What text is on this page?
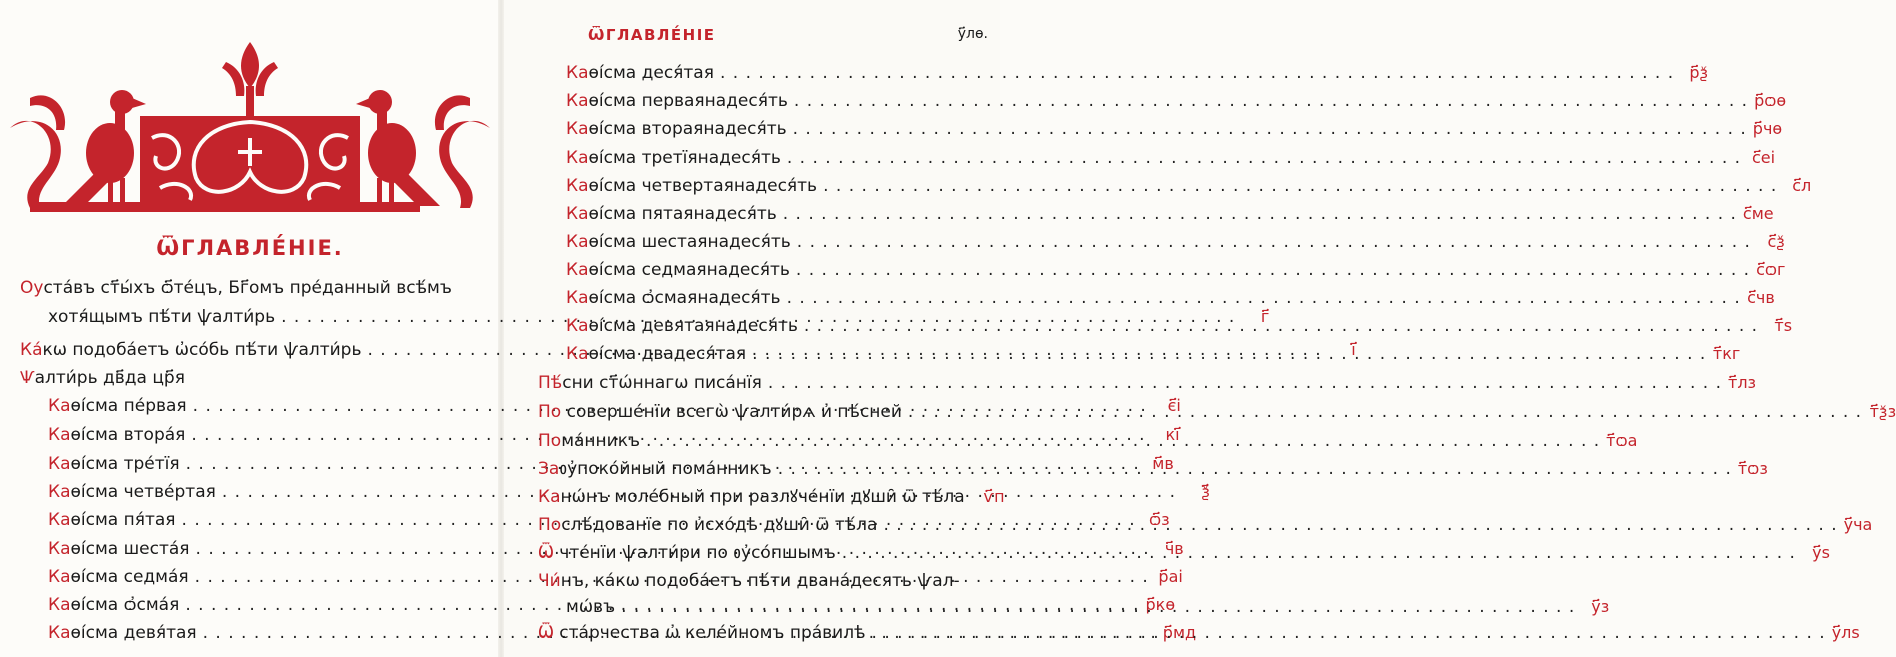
ѾГЛАВЛЕ́НІЕ.
ѾГЛАВЛЕ́НІЕ	у҃лѳ.
Оуста́въ ст҃ы́хъ ѻ҃те́цъ, Бг҃омъ пре́данный всѣ́мъ
хотя́щымъ пѣ́ти ѱалти́рь . . .	г҃
Ка́кѡ подоба́етъ ѡ҆со́бь пѣ́ти ѱалти́рь . . .	і҃
Ѱалти́рь дв҃да цр҃я
Каѳі́сма пе́рвая . . .	є҃і
Каѳі́сма втора́я . . .	кі҃
Каѳі́сма тре́тїя . . .	м҃в
Каѳі́сма четве́ртая . . .	ѯ҃
Каѳі́сма пя́тая . . .	ѻ҃з
Каѳі́сма шеста́я . . .	ч҃в
Каѳі́сма седма́я . . .	р҃аі
Каѳі́сма ѻ҆сма́я . . .	р҃кѳ
Каѳі́сма девя́тая . . .	р҃мд
Каѳі́сма деся́тая . . .	р҃ѯ
Каѳі́сма перваянадеся́ть . . .	р҃ѻѳ
Каѳі́сма втораянадеся́ть . . .	р҃чѳ
Каѳі́сма третїянадеся́ть . . .	с҃еі
Каѳі́сма четвертаянадеся́ть . . .	с҃л
Каѳі́сма пятаянадеся́ть . . .	с҃ме
Каѳі́сма шестаянадеся́ть . . .	с҃ѯ
Каѳі́сма седмаянадеся́ть . . .	с҃ѻг
Каѳі́сма ѻ҆смаянадеся́ть . . .	с҃чв
Каѳі́сма девятаянадеся́ть . . .	т҃s
Каѳі́сма двадеся́тая . . .	т҃кг
Пѣ́сни ст҃ѡ́ннагѡ писа́нїя . . .	т҃лз
По соверше́нїи всегѡ̀ ѱалти́рѧ и҆ пѣ́сней . . .	т҃ѯз
Пома́нникъ . . .	т҃ѻа
Заᲂу҆поко́йный пома́нникъ . . .	т҃ѻз
Канѡ́нъ моле́бный при разлꙋче́нїи дꙋши̑ ѿ тѣ́ла	ѵ҃п
Послѣ́дованїе по и҆схо́дѣ дꙋши̑ ѿ тѣ́ла . . .	у҃ча
Ѿ чте́нїи ѱалти́ри по ᲂу҆со́пшымъ . . .	у҃s
Чи́нъ, ка́кѡ подоба́етъ пѣ́ти двана́десять ѱал-
мѡ́въ . . .	у҃з
Ѿ ста́рчества ѡ҆ келе́йномъ пра́вилѣ . . .	у҃лѕ
